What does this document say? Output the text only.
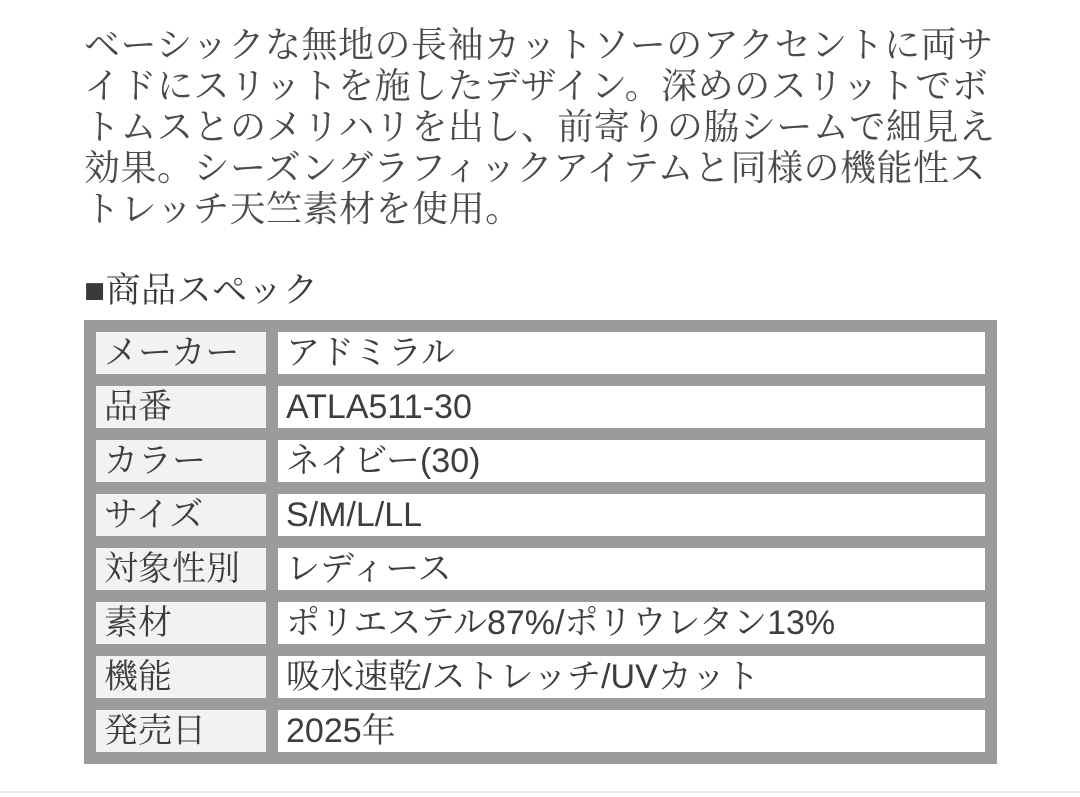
ベーシックな無地の長袖カットソーのアクセントに両サ
イドにスリットを施したデザイン。深めのスリットでボ
トムスとのメリハリを出し、前寄りの脇シームで細見え
効果。シーズングラフィックアイテムと同様の機能性ス
トレッチ天竺素材を使用。
■商品スペック
メーカー	アドミラル
品番	ATLA511-30
カラー	ネイビー(30)
サイズ	S/M/L/LL
対象性別	レディース
素材	ポリエステル87%/ポリウレタン13%
機能	吸水速乾/ストレッチ/UVカット
発売日	2025年
